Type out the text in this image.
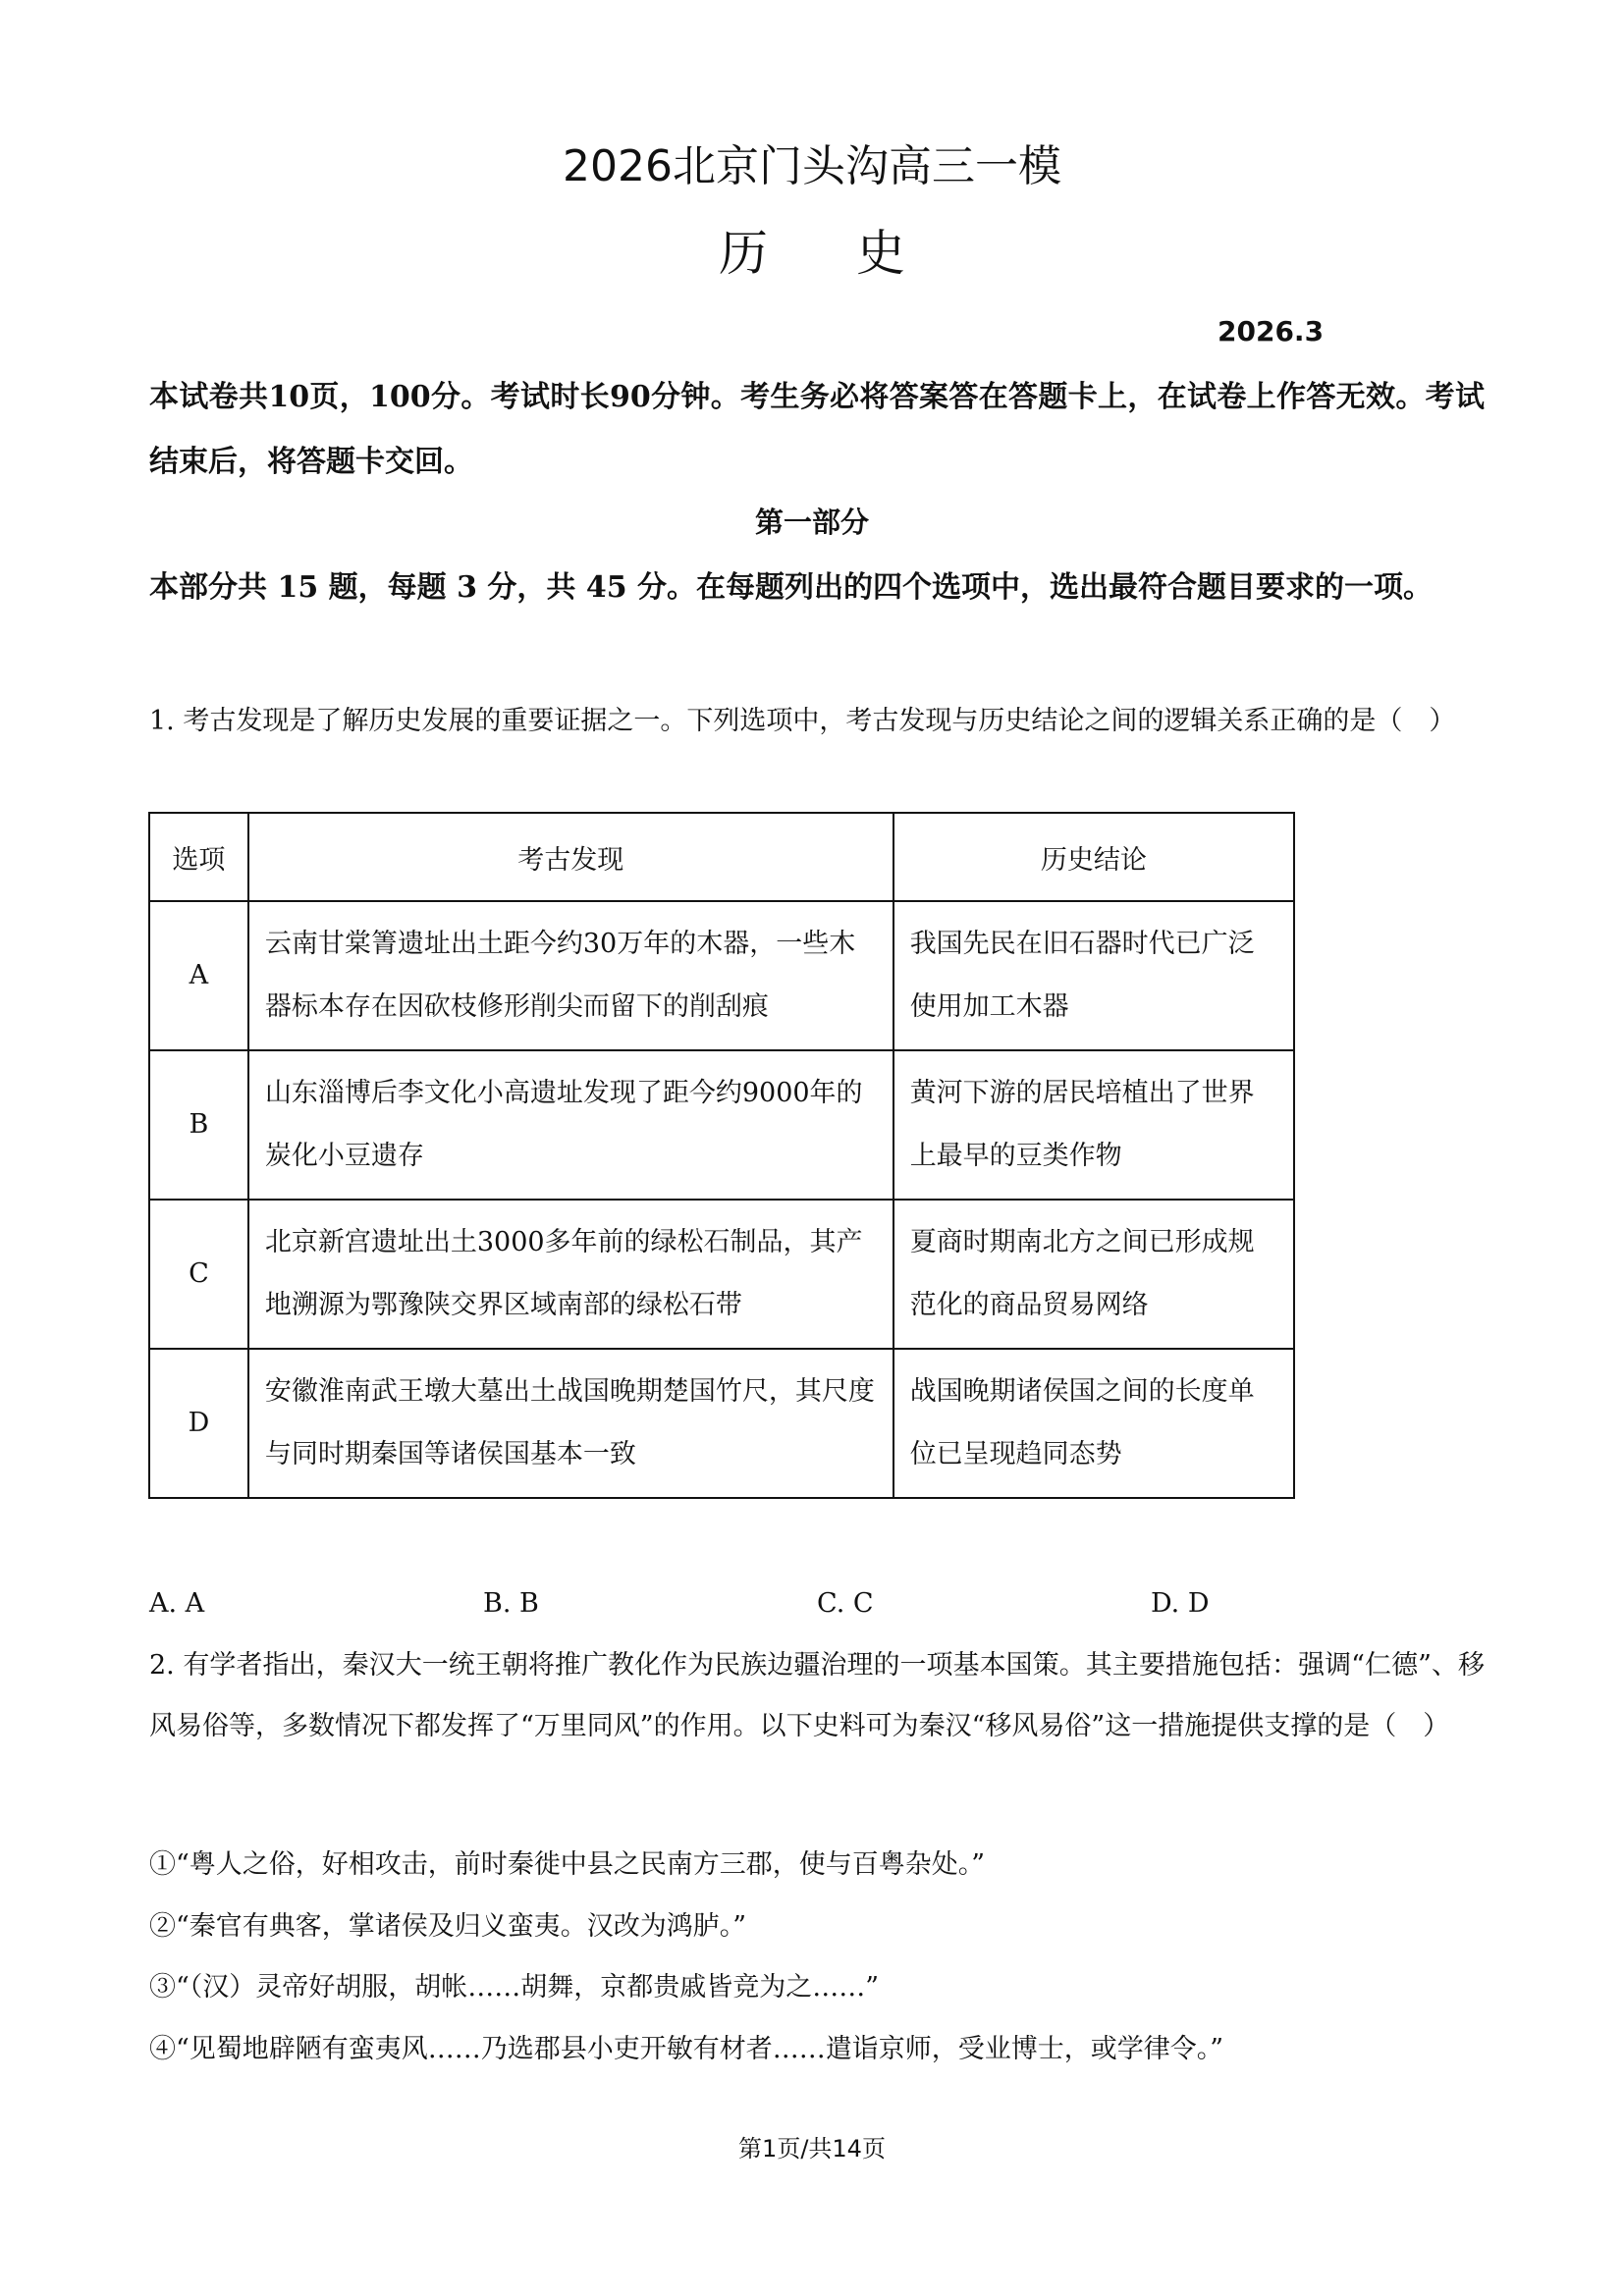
2026北京门头沟高三一模
历史
2026.3
本试卷共10页，100分。考试时长90分钟。考生务必将答案答在答题卡上，在试卷上作答无效。考试结束后，将答题卡交回。
第一部分
本部分共 15 题，每题 3 分，共 45 分。在每题列出的四个选项中，选出最符合题目要求的一项。
1. 考古发现是了解历史发展的重要证据之一。下列选项中，考古发现与历史结论之间的逻辑关系正确的是（　）
选项	考古发现	历史结论
A	云南甘棠箐遗址出土距今约30万年的木器，一些木器标本存在因砍枝修形削尖而留下的削刮痕	我国先民在旧石器时代已广泛使用加工木器
B	山东淄博后李文化小高遗址发现了距今约9000年的炭化小豆遗存	黄河下游的居民培植出了世界上最早的豆类作物
C	北京新宫遗址出土3000多年前的绿松石制品，其产地溯源为鄂豫陕交界区域南部的绿松石带	夏商时期南北方之间已形成规范化的商品贸易网络
D	安徽淮南武王墩大墓出土战国晚期楚国竹尺，其尺度与同时期秦国等诸侯国基本一致	战国晚期诸侯国之间的长度单位已呈现趋同态势
A. A	B. B	C. C	D. D
2. 有学者指出，秦汉大一统王朝将推广教化作为民族边疆治理的一项基本国策。其主要措施包括：强调“仁德”、移风易俗等，多数情况下都发挥了“万里同风”的作用。以下史料可为秦汉“移风易俗”这一措施提供支撑的是（　）
①“粤人之俗，好相攻击，前时秦徙中县之民南方三郡，使与百粤杂处。”
②“秦官有典客，掌诸侯及归义蛮夷。汉改为鸿胪。”
③“（汉）灵帝好胡服，胡帐……胡舞，京都贵戚皆竞为之……”
④“见蜀地辟陋有蛮夷风……乃选郡县小吏开敏有材者……遣诣京师，受业博士，或学律令。”
第1页/共14页
